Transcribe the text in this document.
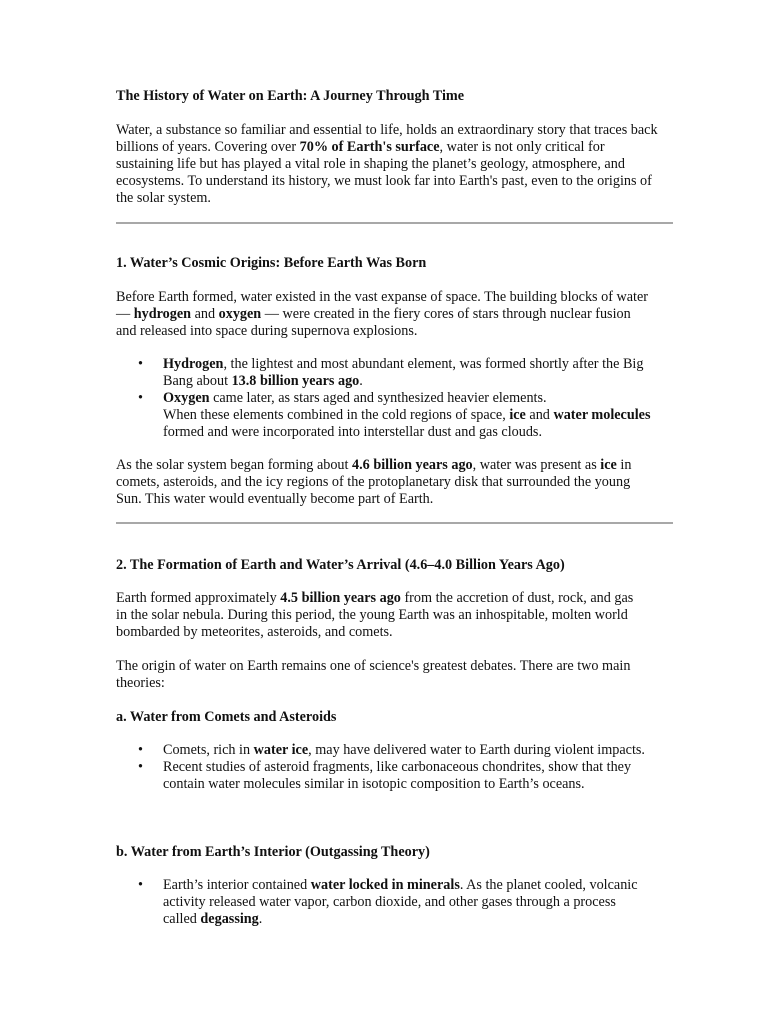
The History of Water on Earth: A Journey Through Time

Water, a substance so familiar and essential to life, holds an extraordinary story that traces back billions of years. Covering over 70% of Earth's surface, water is not only critical for sustaining life but has played a vital role in shaping the planet’s geology, atmosphere, and ecosystems. To understand its history, we must look far into Earth's past, even to the origins of the solar system.

1. Water’s Cosmic Origins: Before Earth Was Born

Before Earth formed, water existed in the vast expanse of space. The building blocks of water — hydrogen and oxygen — were created in the fiery cores of stars through nuclear fusion and released into space during supernova explosions.

• Hydrogen, the lightest and most abundant element, was formed shortly after the Big Bang about 13.8 billion years ago.
• Oxygen came later, as stars aged and synthesized heavier elements.
When these elements combined in the cold regions of space, ice and water molecules formed and were incorporated into interstellar dust and gas clouds.

As the solar system began forming about 4.6 billion years ago, water was present as ice in comets, asteroids, and the icy regions of the protoplanetary disk that surrounded the young Sun. This water would eventually become part of Earth.

2. The Formation of Earth and Water’s Arrival (4.6–4.0 Billion Years Ago)

Earth formed approximately 4.5 billion years ago from the accretion of dust, rock, and gas in the solar nebula. During this period, the young Earth was an inhospitable, molten world bombarded by meteorites, asteroids, and comets.

The origin of water on Earth remains one of science's greatest debates. There are two main theories:

a. Water from Comets and Asteroids

• Comets, rich in water ice, may have delivered water to Earth during violent impacts.
• Recent studies of asteroid fragments, like carbonaceous chondrites, show that they contain water molecules similar in isotopic composition to Earth’s oceans.

b. Water from Earth’s Interior (Outgassing Theory)

• Earth’s interior contained water locked in minerals. As the planet cooled, volcanic activity released water vapor, carbon dioxide, and other gases through a process called degassing.
